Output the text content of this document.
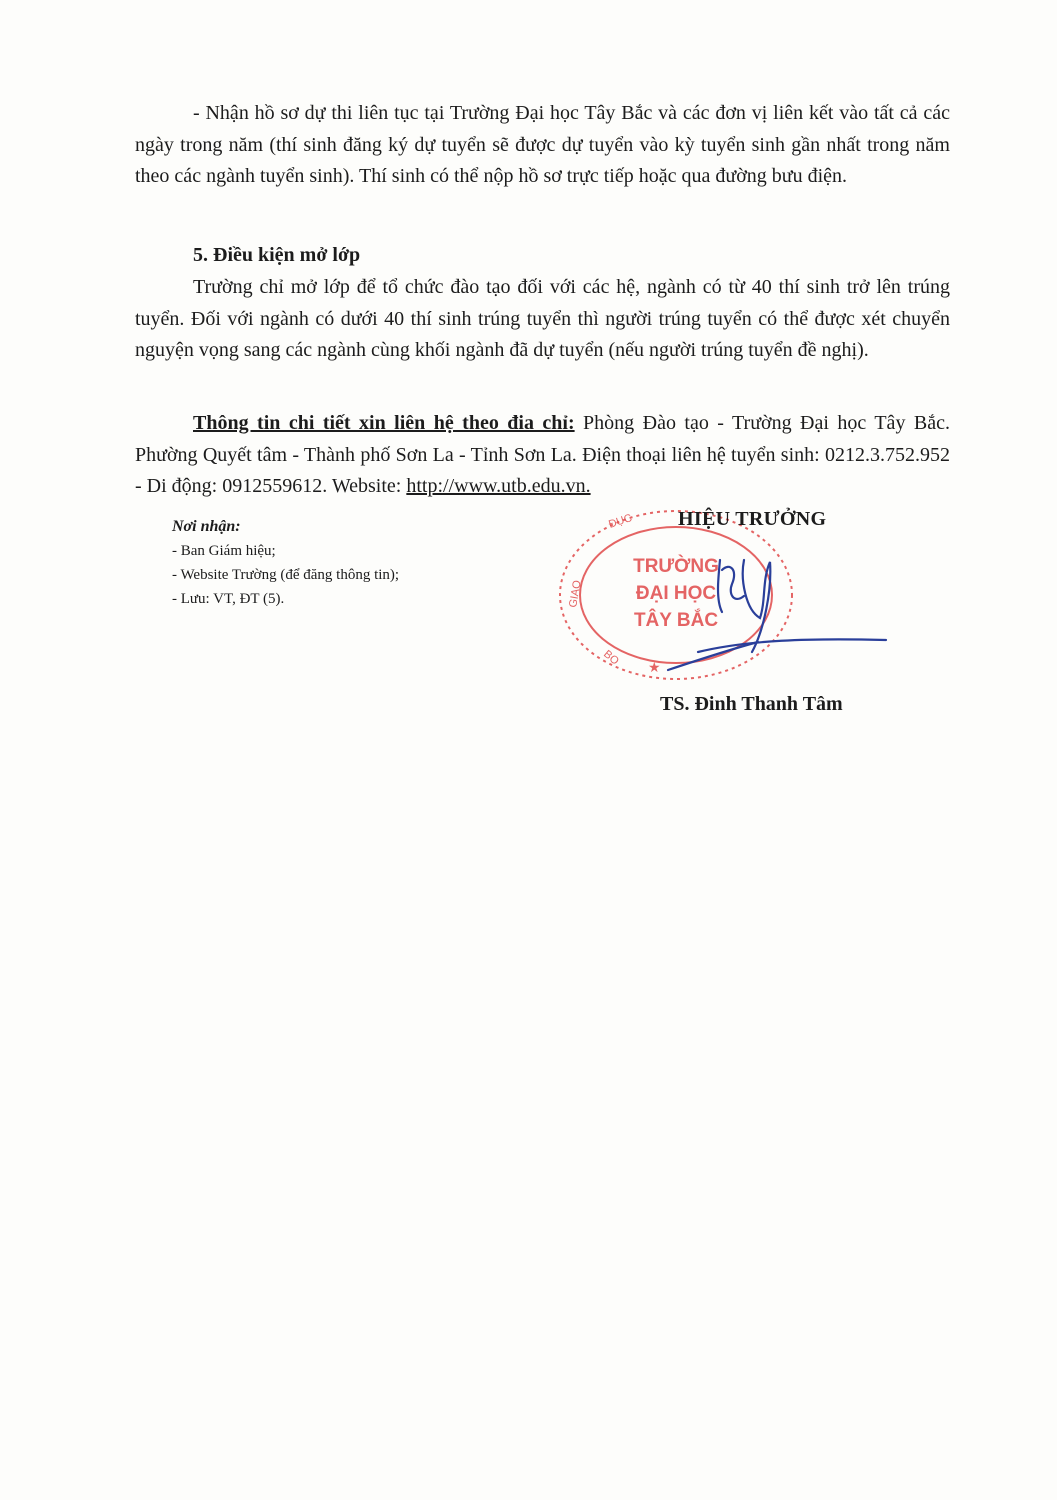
- Nhận hồ sơ dự thi liên tục tại Trường Đại học Tây Bắc và các đơn vị liên kết vào tất cả các ngày trong năm (thí sinh đăng ký dự tuyển sẽ được dự tuyển vào kỳ tuyển sinh gần nhất trong năm theo các ngành tuyển sinh). Thí sinh có thể nộp hồ sơ trực tiếp hoặc qua đường bưu điện.

5. Điều kiện mở lớp

Trường chỉ mở lớp để tổ chức đào tạo đối với các hệ, ngành có từ 40 thí sinh trở lên trúng tuyển. Đối với ngành có dưới 40 thí sinh trúng tuyển thì người trúng tuyển có thể được xét chuyển nguyện vọng sang các ngành cùng khối ngành đã dự tuyển (nếu người trúng tuyển đề nghị).

Thông tin chi tiết xin liên hệ theo đia chỉ: Phòng Đào tạo - Trường Đại học Tây Bắc. Phường Quyết tâm - Thành phố Sơn La - Tỉnh Sơn La. Điện thoại liên hệ tuyển sinh: 0212.3.752.952 - Di động: 0912559612. Website: http://www.utb.edu.vn.

Nơi nhận:
- Ban Giám hiệu;
- Website Trường (để đăng thông tin);
- Lưu: VT, ĐT (5).
TRƯỜNG
ĐẠI HỌC
TÂY BẮC
ĐỤC
GIAO
BO ★
HIỆU TRƯỞNG
TS. Đinh Thanh Tâm
